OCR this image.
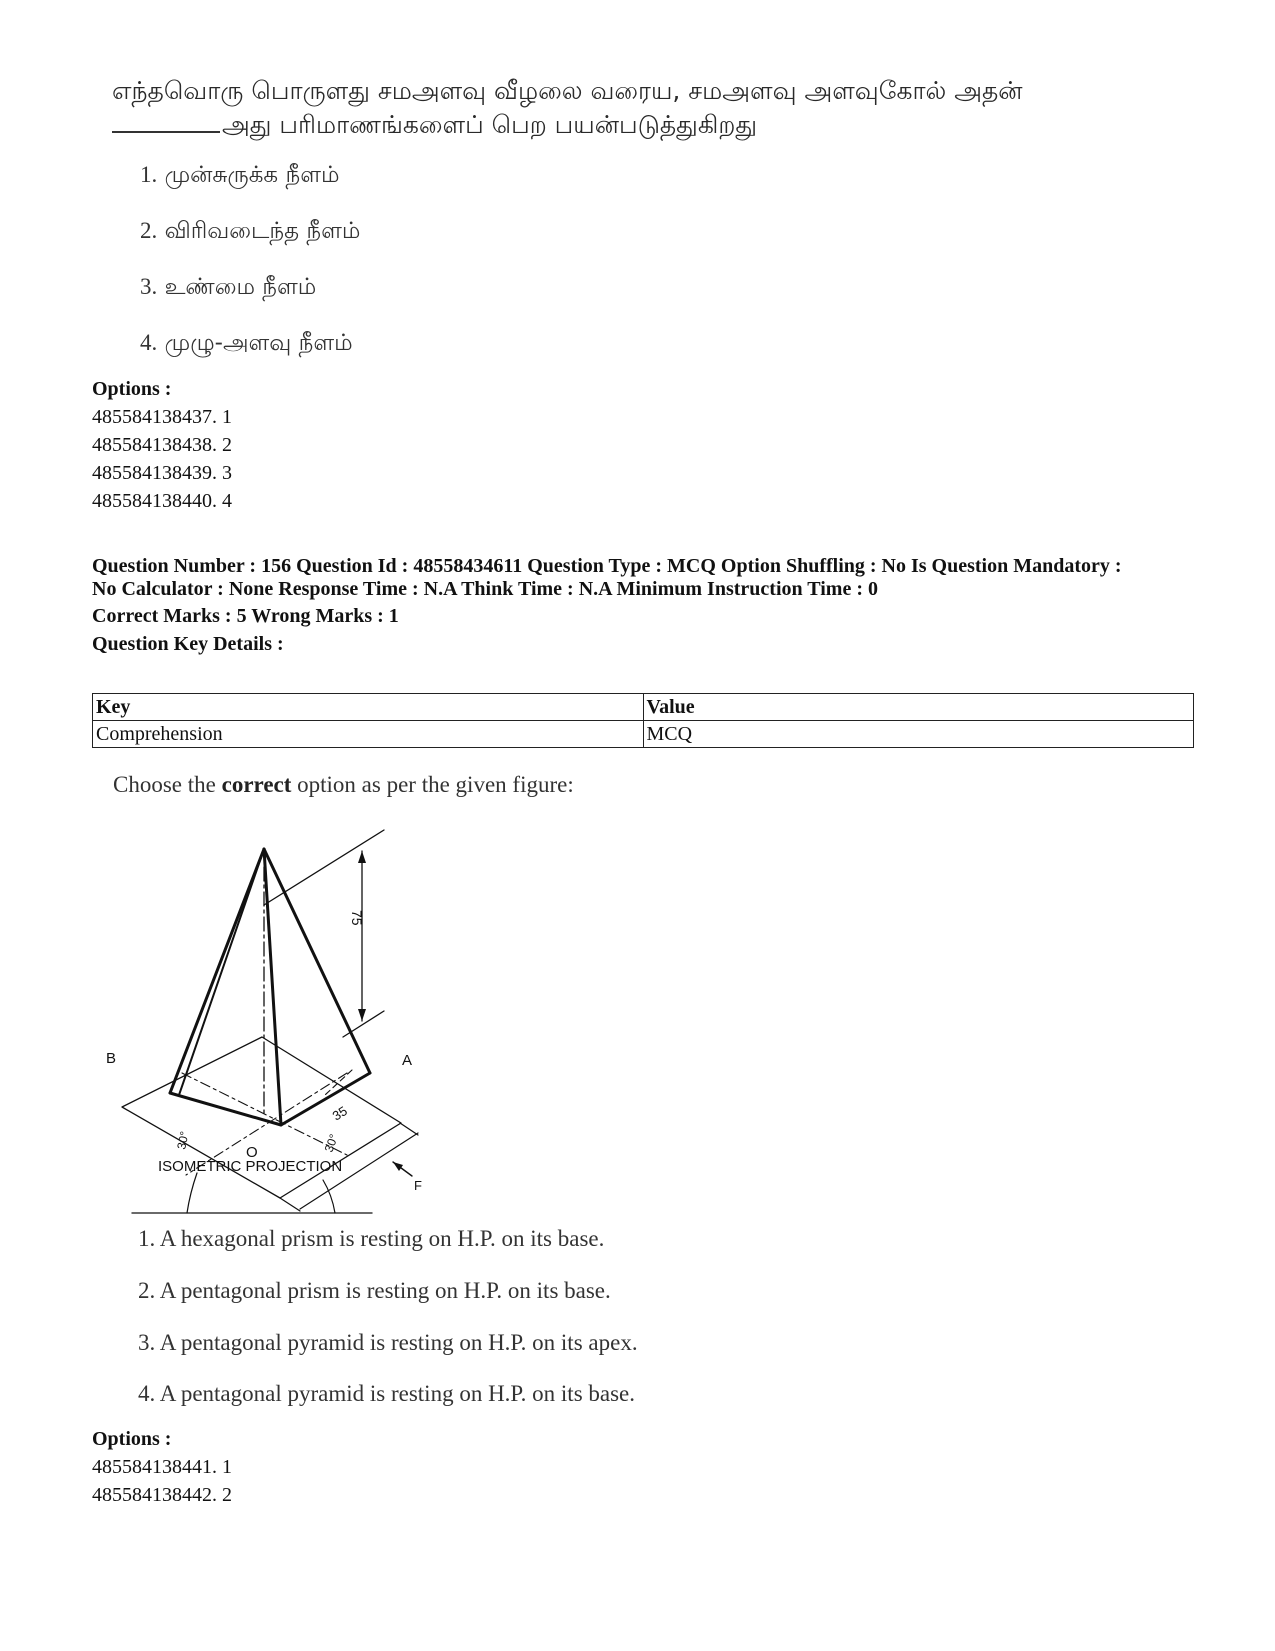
எந்தவொரு பொருளது சமஅளவு வீழலை வரைய, சமஅளவு அளவுகோல் அதன்
அது பரிமாணங்களைப் பெற பயன்படுத்துகிறது
1. முன்சுருக்க நீளம்
2. விரிவடைந்த நீளம்
3. உண்மை நீளம்
4. முழு-அளவு நீளம்
Options :
485584138437. 1
485584138438. 2
485584138439. 3
485584138440. 4
Question Number : 156 Question Id : 48558434611 Question Type : MCQ Option Shuffling : No Is Question Mandatory :
No Calculator : None Response Time : N.A Think Time : N.A Minimum Instruction Time : 0
Correct Marks : 5 Wrong Marks : 1
Question Key Details :
Key	Value
Comprehension	MCQ
Choose the correct option as per the given figure:
75
35
30°	30°
B	A
O
F
ISOMETRIC PROJECTION
1. A hexagonal prism is resting on H.P. on its base.
2. A pentagonal prism is resting on H.P. on its base.
3. A pentagonal pyramid is resting on H.P. on its apex.
4. A pentagonal pyramid is resting on H.P. on its base.
Options :
485584138441. 1
485584138442. 2
